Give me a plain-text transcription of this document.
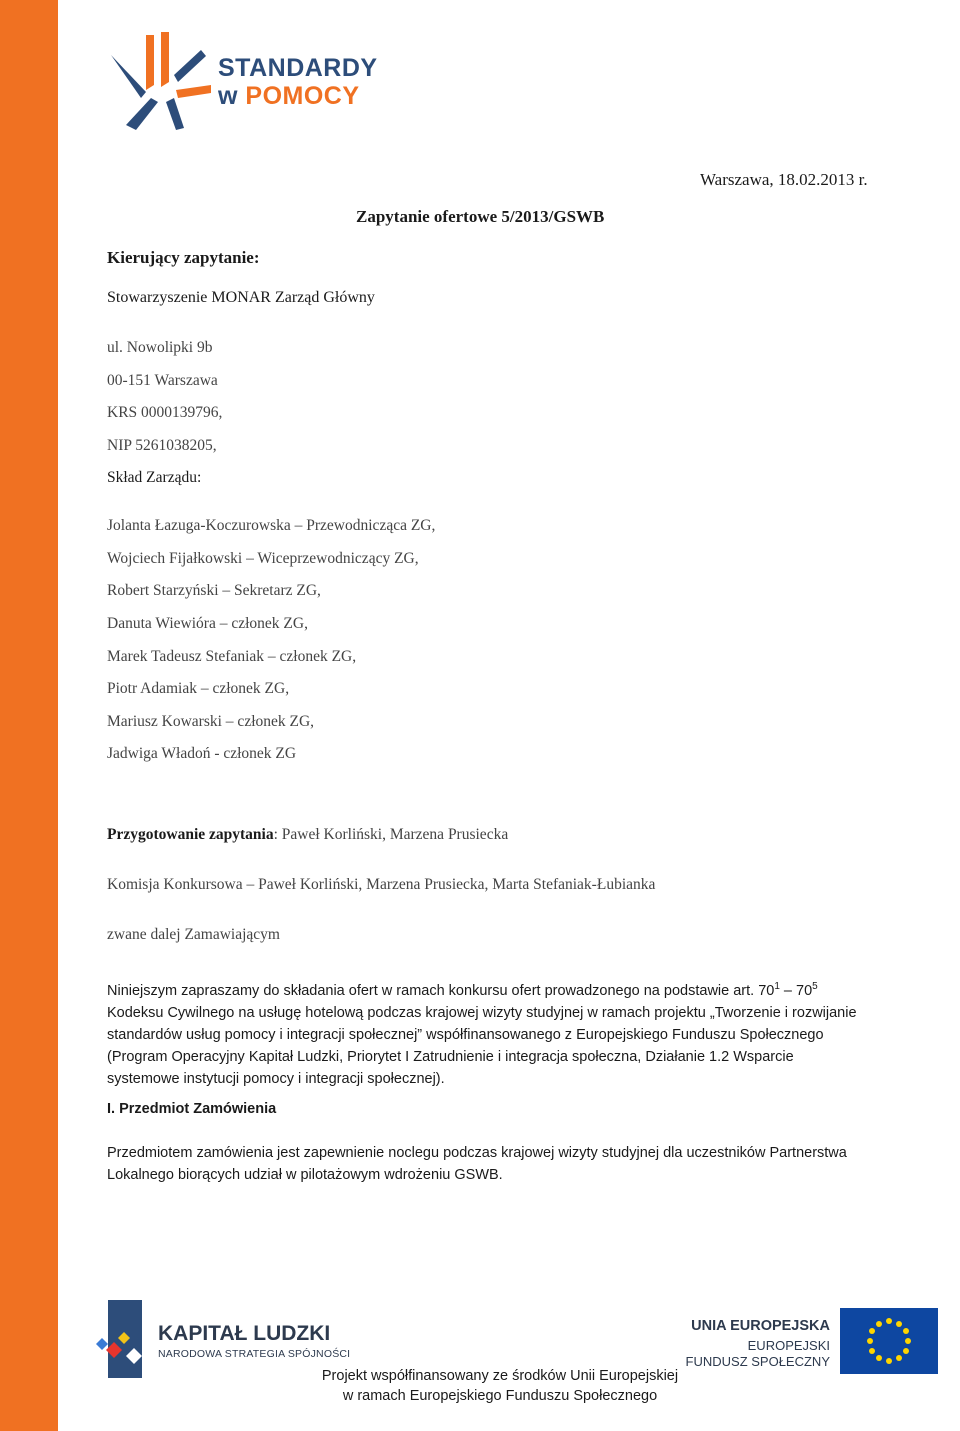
STANDARDY
w POMOCY
Warszawa, 18.02.2013 r.
Zapytanie ofertowe 5/2013/GSWB
Kierujący zapytanie:
Stowarzyszenie MONAR Zarząd Główny
ul. Nowolipki 9b
00-151 Warszawa
KRS 0000139796,
NIP 5261038205,
Skład Zarządu:
Jolanta Łazuga-Koczurowska – Przewodnicząca ZG,
Wojciech Fijałkowski – Wiceprzewodniczący ZG,
Robert Starzyński – Sekretarz ZG,
Danuta Wiewióra – członek ZG,
Marek Tadeusz Stefaniak – członek ZG,
Piotr Adamiak – członek ZG,
Mariusz Kowarski – członek ZG,
Jadwiga Władoń - członek ZG
Przygotowanie zapytania: Paweł Korliński, Marzena Prusiecka
Komisja Konkursowa – Paweł Korliński, Marzena Prusiecka, Marta Stefaniak-Łubianka
zwane dalej Zamawiającym
Niniejszym zapraszamy do składania ofert w ramach konkursu ofert prowadzonego na podstawie art. $70^1 - 70^5$ Kodeksu Cywilnego na usługę hotelową podczas krajowej wizyty studyjnej w ramach projektu „Tworzenie i rozwijanie standardów usług pomocy i integracji społecznej” współfinansowanego z Europejskiego Funduszu Społecznego (Program Operacyjny Kapitał Ludzki, Priorytet I Zatrudnienie i integracja społeczna, Działanie 1.2 Wsparcie systemowe instytucji pomocy i integracji społecznej).
I. Przedmiot Zamówienia
Przedmiotem zamówienia jest zapewnienie noclegu podczas krajowej wizyty studyjnej dla uczestników Partnerstwa Lokalnego biorących udział w pilotażowym wdrożeniu GSWB.
KAPITAŁ LUDZKI
NARODOWA STRATEGIA SPÓJNOŚCI
UNIA EUROPEJSKA
EUROPEJSKI
FUNDUSZ SPOŁECZNY
Projekt współfinansowany ze środków Unii Europejskiej
w ramach Europejskiego Funduszu Społecznego
